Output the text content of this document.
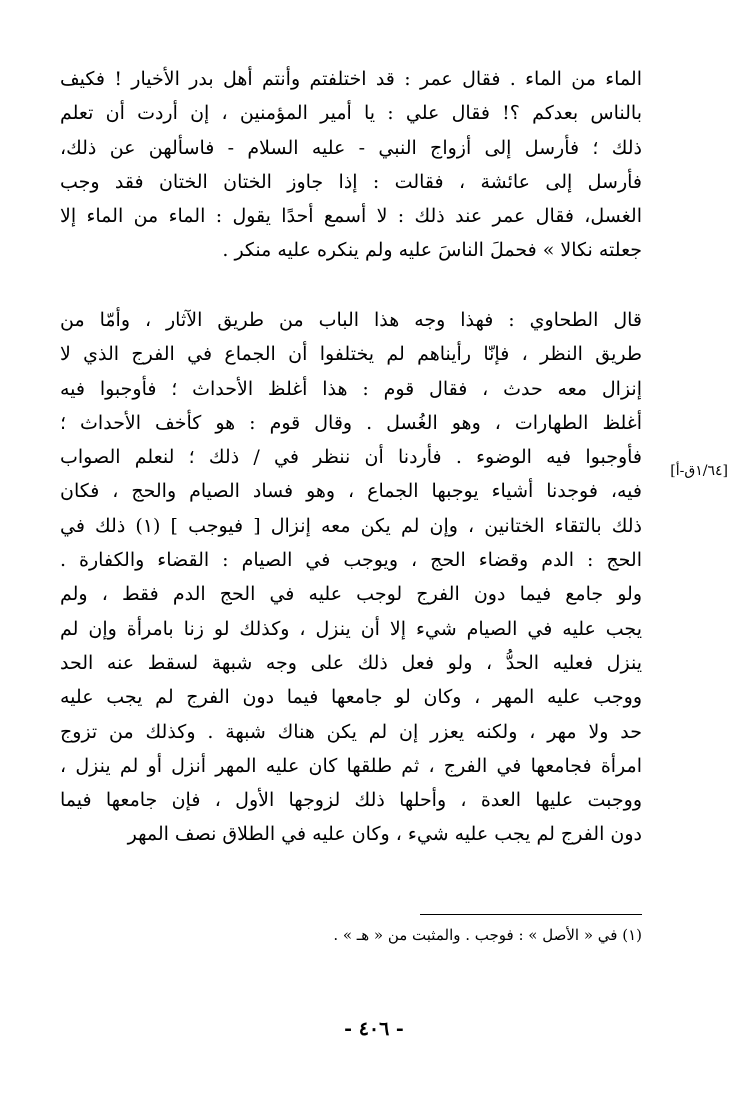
الماء من الماء . فقال عمر : قد اختلفتم وأنتم أهل بدر الأخيار ! فكيف
بالناس بعدكم ؟! فقال علي : يا أمير المؤمنين ، إن أردت أن تعلم
ذلك ؛ فأرسل إلى أزواج النبي - عليه السلام - فاسألهن عن ذلك،
فأرسل إلى عائشة ، فقالت : إذا جاوز الختان الختان فقد وجب
الغسل، فقال عمر عند ذلك : لا أسمع أحدًا يقول : الماء من الماء إلا
جعلته نكالا » فحملَ الناسَ عليه ولم ينكره عليه منكر .
قال الطحاوي : فهذا وجه هذا الباب من طريق الآثار ، وأمّا من
طريق النظر ، فإنّا رأيناهم لم يختلفوا أن الجماع في الفرج الذي لا
إنزال معه حدث ، فقال قوم : هذا أغلظ الأحداث ؛ فأوجبوا فيه
أغلظ الطهارات ، وهو الغُسل . وقال قوم : هو كأخف الأحداث ؛
فأوجبوا فيه الوضوء . فأردنا أن ننظر في / ذلك ؛ لنعلم الصواب
فيه، فوجدنا أشياء يوجبها الجماع ، وهو فساد الصيام والحج ، فكان
ذلك بالتقاء الختانين ، وإن لم يكن معه إنزال [ فيوجب ] (١) ذلك في
الحج : الدم وقضاء الحج ، ويوجب في الصيام : القضاء والكفارة .
ولو جامع فيما دون الفرج لوجب عليه في الحج الدم فقط ، ولم
يجب عليه في الصيام شيء إلا أن ينزل ، وكذلك لو زنا بامرأة وإن لم
ينزل فعليه الحدُّ ، ولو فعل ذلك على وجه شبهة لسقط عنه الحد
ووجب عليه المهر ، وكان لو جامعها فيما دون الفرج لم يجب عليه
حد ولا مهر ، ولكنه يعزر إن لم يكن هناك شبهة . وكذلك من تزوج
امرأة فجامعها في الفرج ، ثم طلقها كان عليه المهر أنزل أو لم ينزل ،
ووجبت عليها العدة ، وأحلها ذلك لزوجها الأول ، فإن جامعها فيما
دون الفرج لم يجب عليه شيء ، وكان عليه في الطلاق نصف المهر
[١/٦٤ق-أ]
(١) في « الأصل » : فوجب . والمثبت من « هـ » .
- ٤٠٦ -
